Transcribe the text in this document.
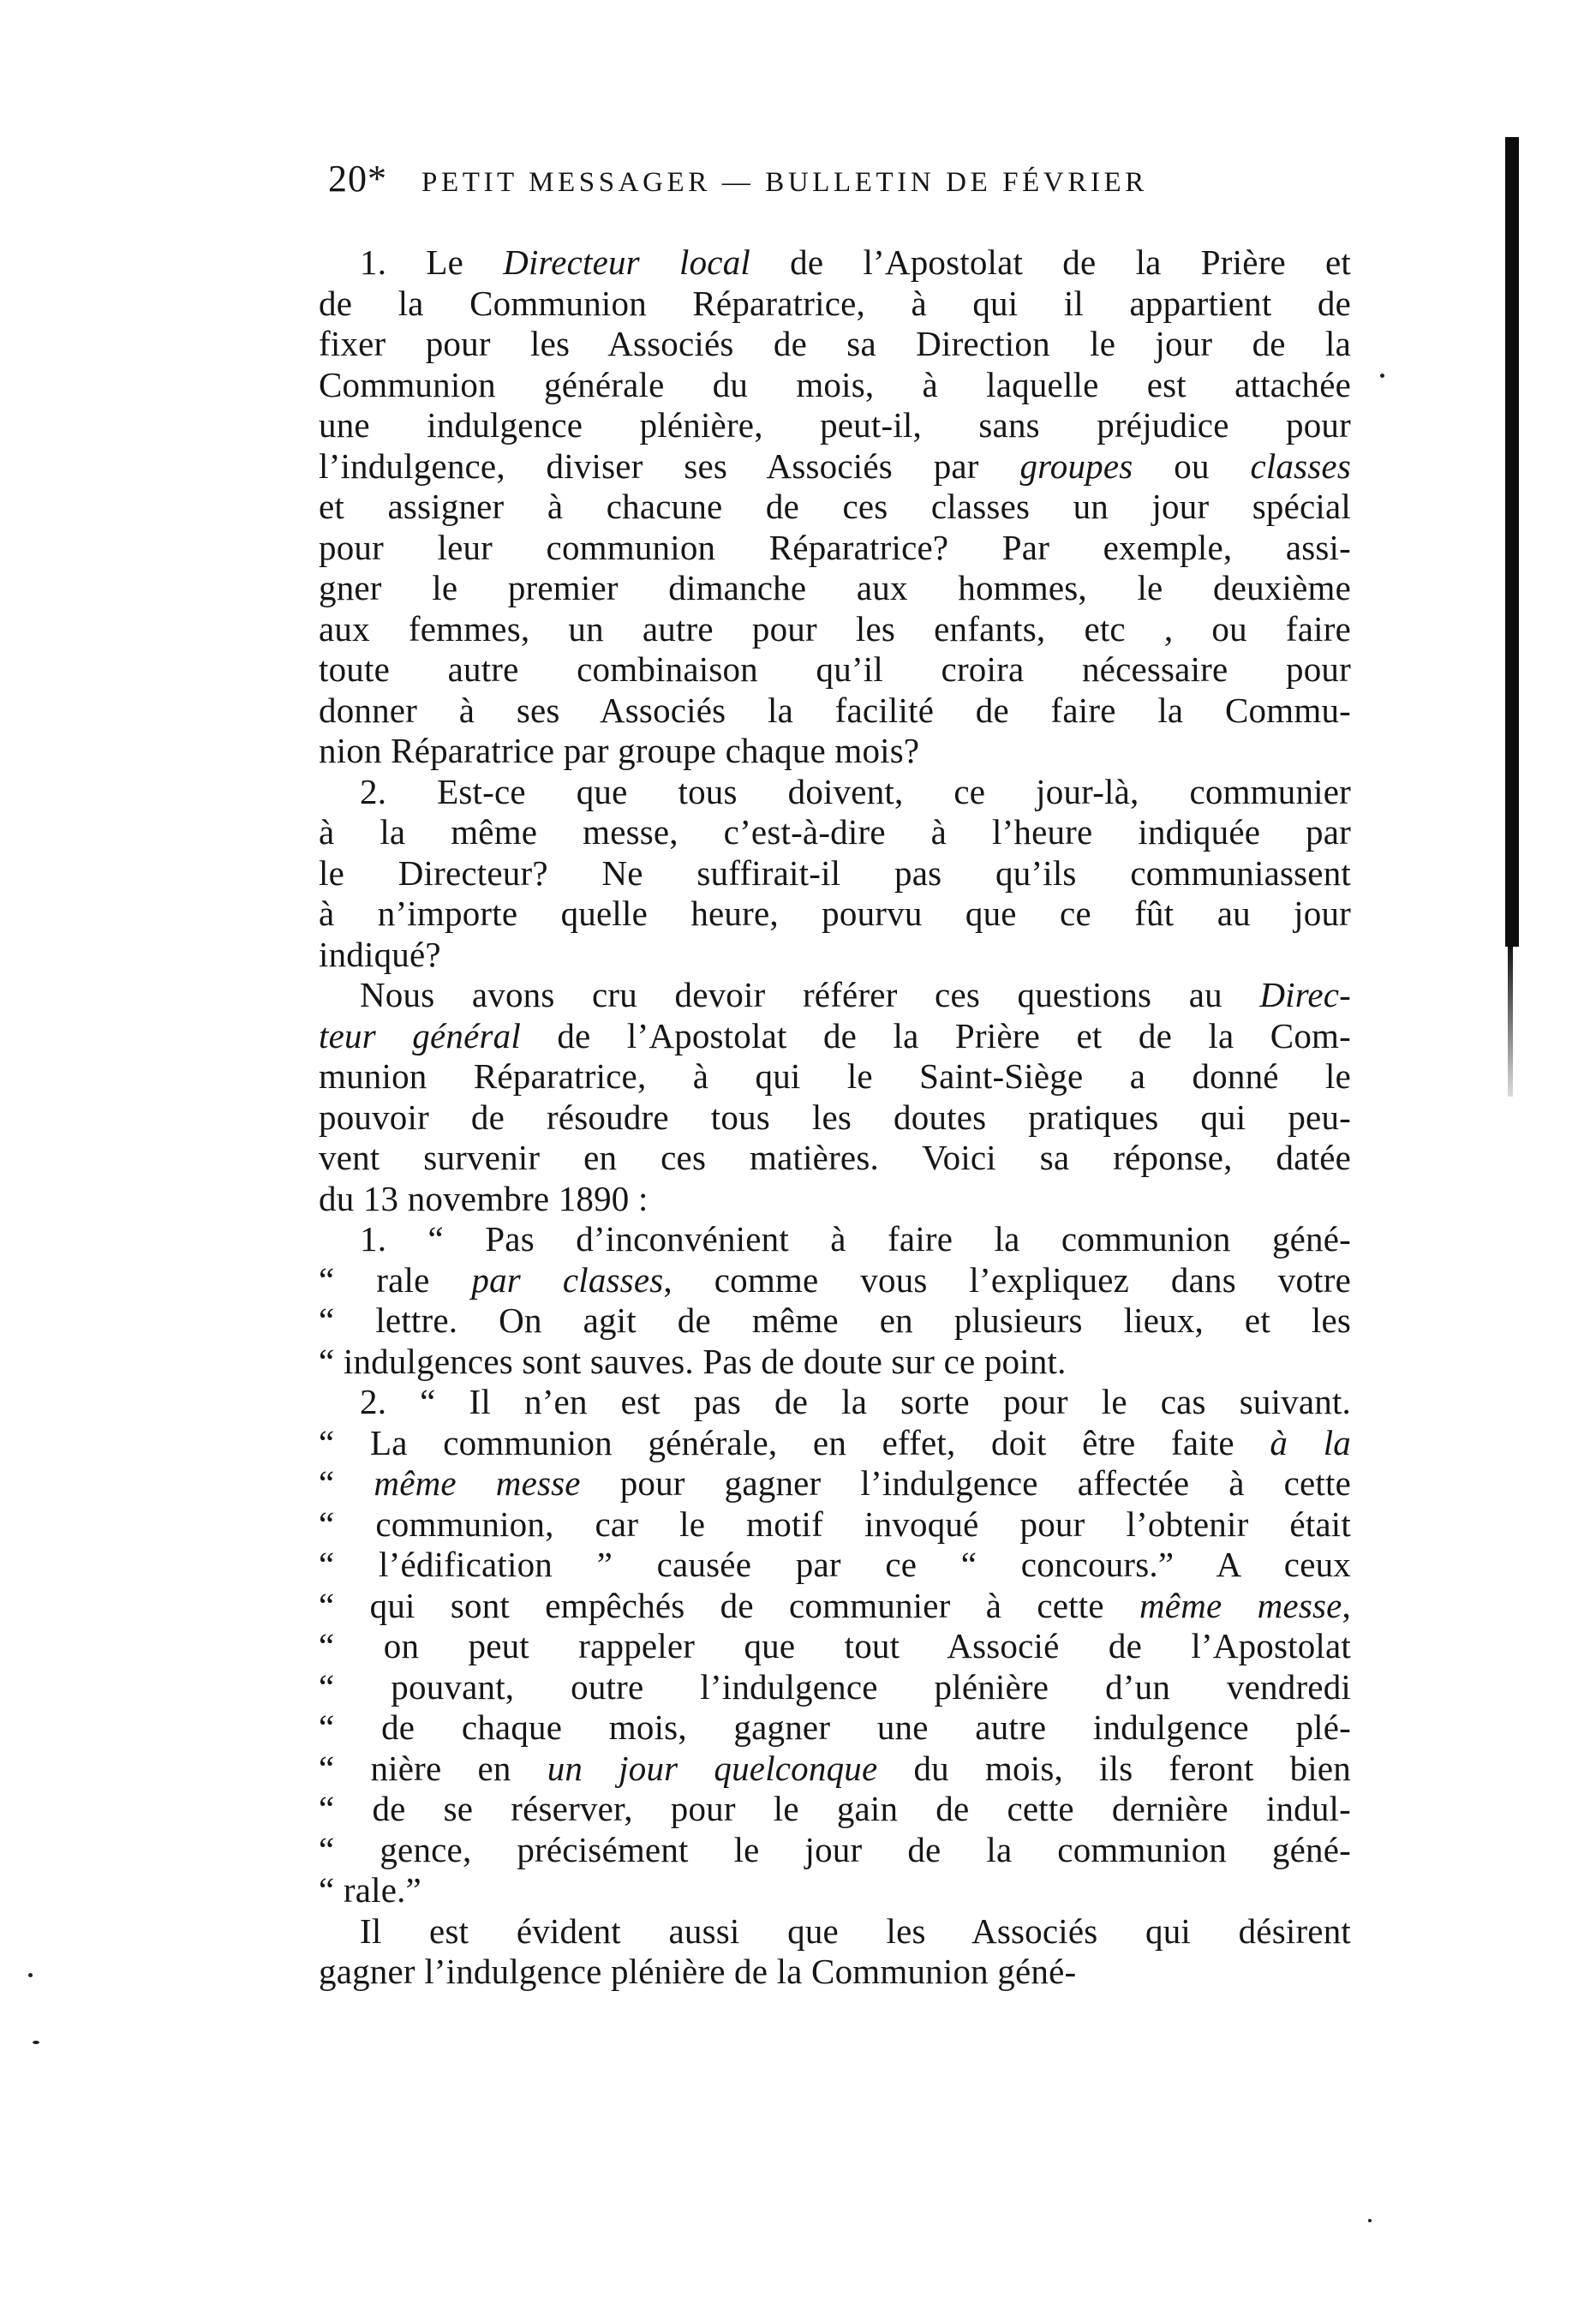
20* PETIT MESSAGER — BULLETIN DE FÉVRIER
1. Le Directeur local de l’Apostolat de la Prière et
de la Communion Réparatrice, à qui il appartient de
fixer pour les Associés de sa Direction le jour de la
Communion générale du mois, à laquelle est attachée
une indulgence plénière, peut-il, sans préjudice pour
l’indulgence, diviser ses Associés par groupes ou classes
et assigner à chacune de ces classes un jour spécial
pour leur communion Réparatrice? Par exemple, assi-
gner le premier dimanche aux hommes, le deuxième
aux femmes, un autre pour les enfants, etc , ou faire
toute autre combinaison qu’il croira nécessaire pour
donner à ses Associés la facilité de faire la Commu-
nion Réparatrice par groupe chaque mois?
2. Est-ce que tous doivent, ce jour-là, communier
à la même messe, c’est-à-dire à l’heure indiquée par
le Directeur? Ne suffirait-il pas qu’ils communiassent
à n’importe quelle heure, pourvu que ce fût au jour
indiqué?
Nous avons cru devoir référer ces questions au Direc-
teur général de l’Apostolat de la Prière et de la Com-
munion Réparatrice, à qui le Saint-Siège a donné le
pouvoir de résoudre tous les doutes pratiques qui peu-
vent survenir en ces matières. Voici sa réponse, datée
du 13 novembre 1890 :
1. “ Pas d’inconvénient à faire la communion géné-
“ rale par classes, comme vous l’expliquez dans votre
“ lettre. On agit de même en plusieurs lieux, et les
“ indulgences sont sauves. Pas de doute sur ce point.
2. “ Il n’en est pas de la sorte pour le cas suivant.
“ La communion générale, en effet, doit être faite à la
“ même messe pour gagner l’indulgence affectée à cette
“ communion, car le motif invoqué pour l’obtenir était
“ l’édification ” causée par ce “ concours.” A ceux
“ qui sont empêchés de communier à cette même messe,
“ on peut rappeler que tout Associé de l’Apostolat
“ pouvant, outre l’indulgence plénière d’un vendredi
“ de chaque mois, gagner une autre indulgence plé-
“ nière en un jour quelconque du mois, ils feront bien
“ de se réserver, pour le gain de cette dernière indul-
“ gence, précisément le jour de la communion géné-
“ rale.”
Il est évident aussi que les Associés qui désirent
gagner l’indulgence plénière de la Communion géné-
